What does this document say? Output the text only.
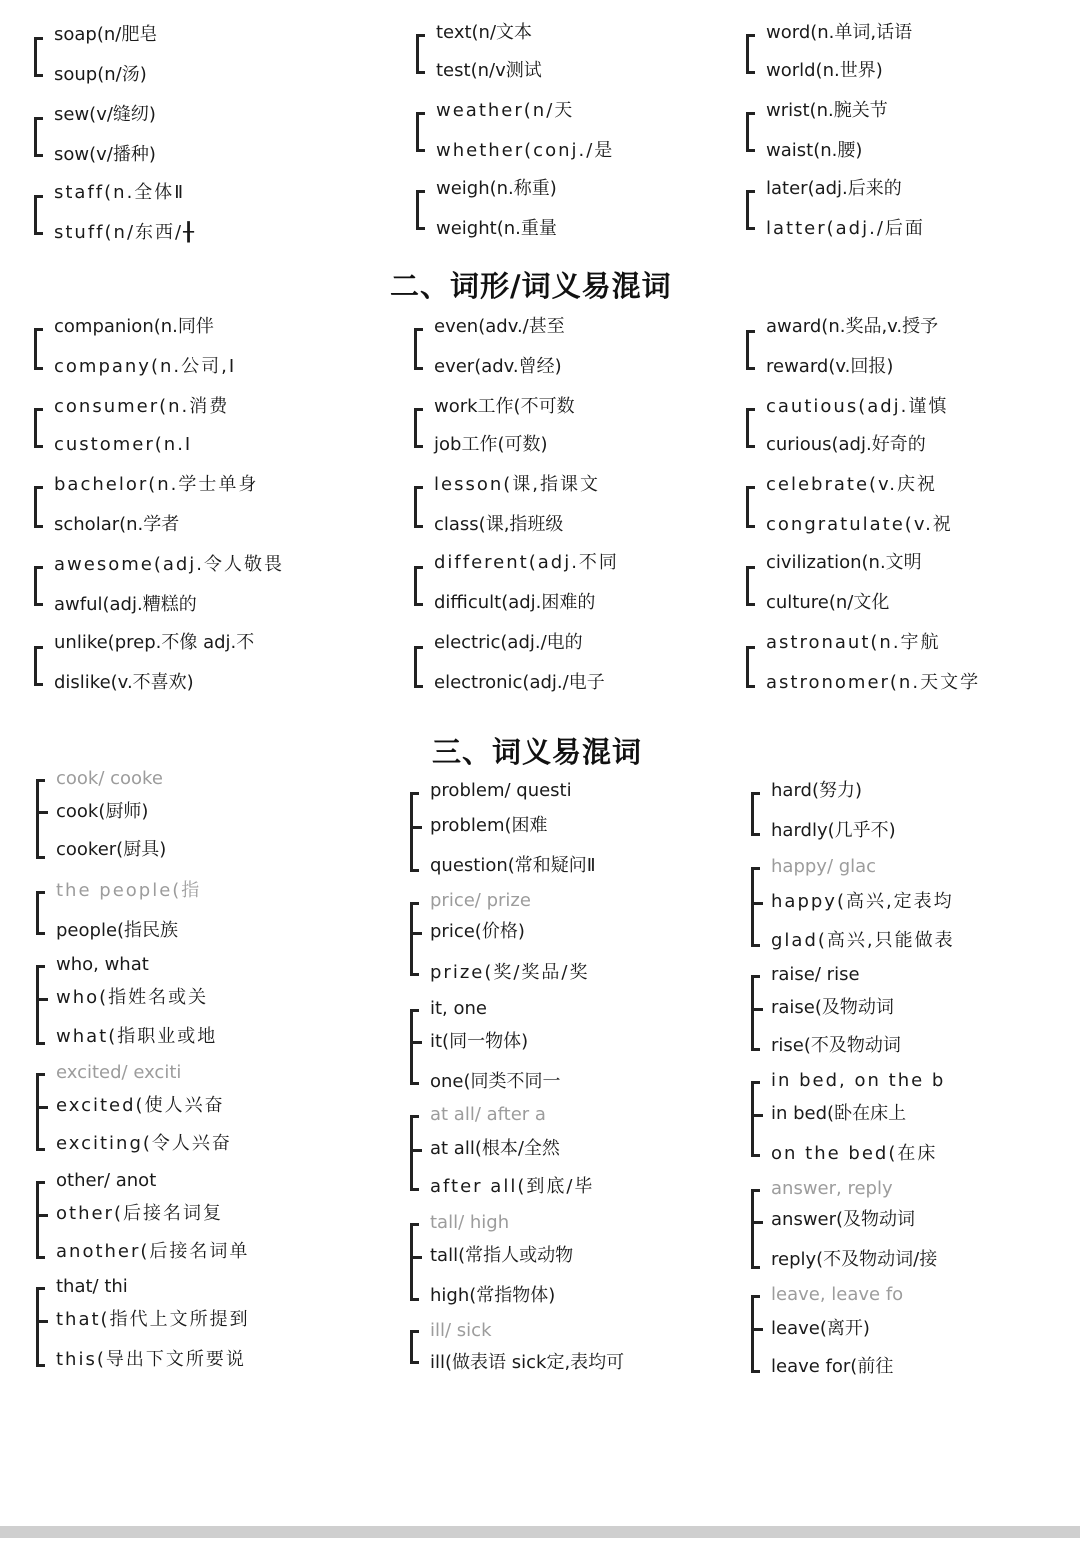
soap(n/肥皂
soup(n/汤)
sew(v/缝纫)
sow(v/播种)
staff(n.全体Ⅱ
stuff(n/东西/╂
text(n/文本
test(n/v测试
weather(n/天
whether(conj./是
weigh(n.称重)
weight(n.重量
word(n.单词,话语
world(n.世界)
wrist(n.腕关节
waist(n.腰)
later(adj.后来的
latter(adj./后面
二、词形/词义易混词
companion(n.同伴
company(n.公司,Ⅰ
consumer(n.消费
customer(n.Ⅰ
bachelor(n.学士单身
scholar(n.学者
awesome(adj.令人敬畏
awful(adj.糟糕的
unlike(prep.不像 adj.不
dislike(v.不喜欢)
even(adv./甚至
ever(adv.曾经)
work工作(不可数
job工作(可数)
lesson(课,指课文
class(课,指班级
different(adj.不同
difficult(adj.困难的
electric(adj./电的
electronic(adj./电子
award(n.奖品,v.授予
reward(v.回报)
cautious(adj.谨慎
curious(adj.好奇的
celebrate(v.庆祝
congratulate(v.祝
civilization(n.文明
culture(n/文化
astronaut(n.宇航
astronomer(n.天文学
三、词义易混词
cook/ cooke
cook(厨师)
cooker(厨具)
the people(指
people(指民族
who, what
who(指姓名或关
what(指职业或地
excited/ exciti
excited(使人兴奋
exciting(令人兴奋
other/ anot
other(后接名词复
another(后接名词单
that/ thi
that(指代上文所提到
this(导出下文所要说
problem/ questi
problem(困难
question(常和疑问Ⅱ
price/ prize
price(价格)
prize(奖/奖品/奖
it, one
it(同一物体)
one(同类不同一
at all/ after a
at all(根本/全然
after all(到底/毕
tall/ high
tall(常指人或动物
high(常指物体)
ill/ sick
ill(做表语 sick定,表均可
hard(努力)
hardly(几乎不)
happy/ glac
happy(高兴,定表均
glad(高兴,只能做表
raise/ rise
raise(及物动词
rise(不及物动词
in bed, on the b
in bed(卧在床上
on the bed(在床
answer, reply
answer(及物动词
reply(不及物动词/接
leave, leave fo
leave(离开)
leave for(前往
